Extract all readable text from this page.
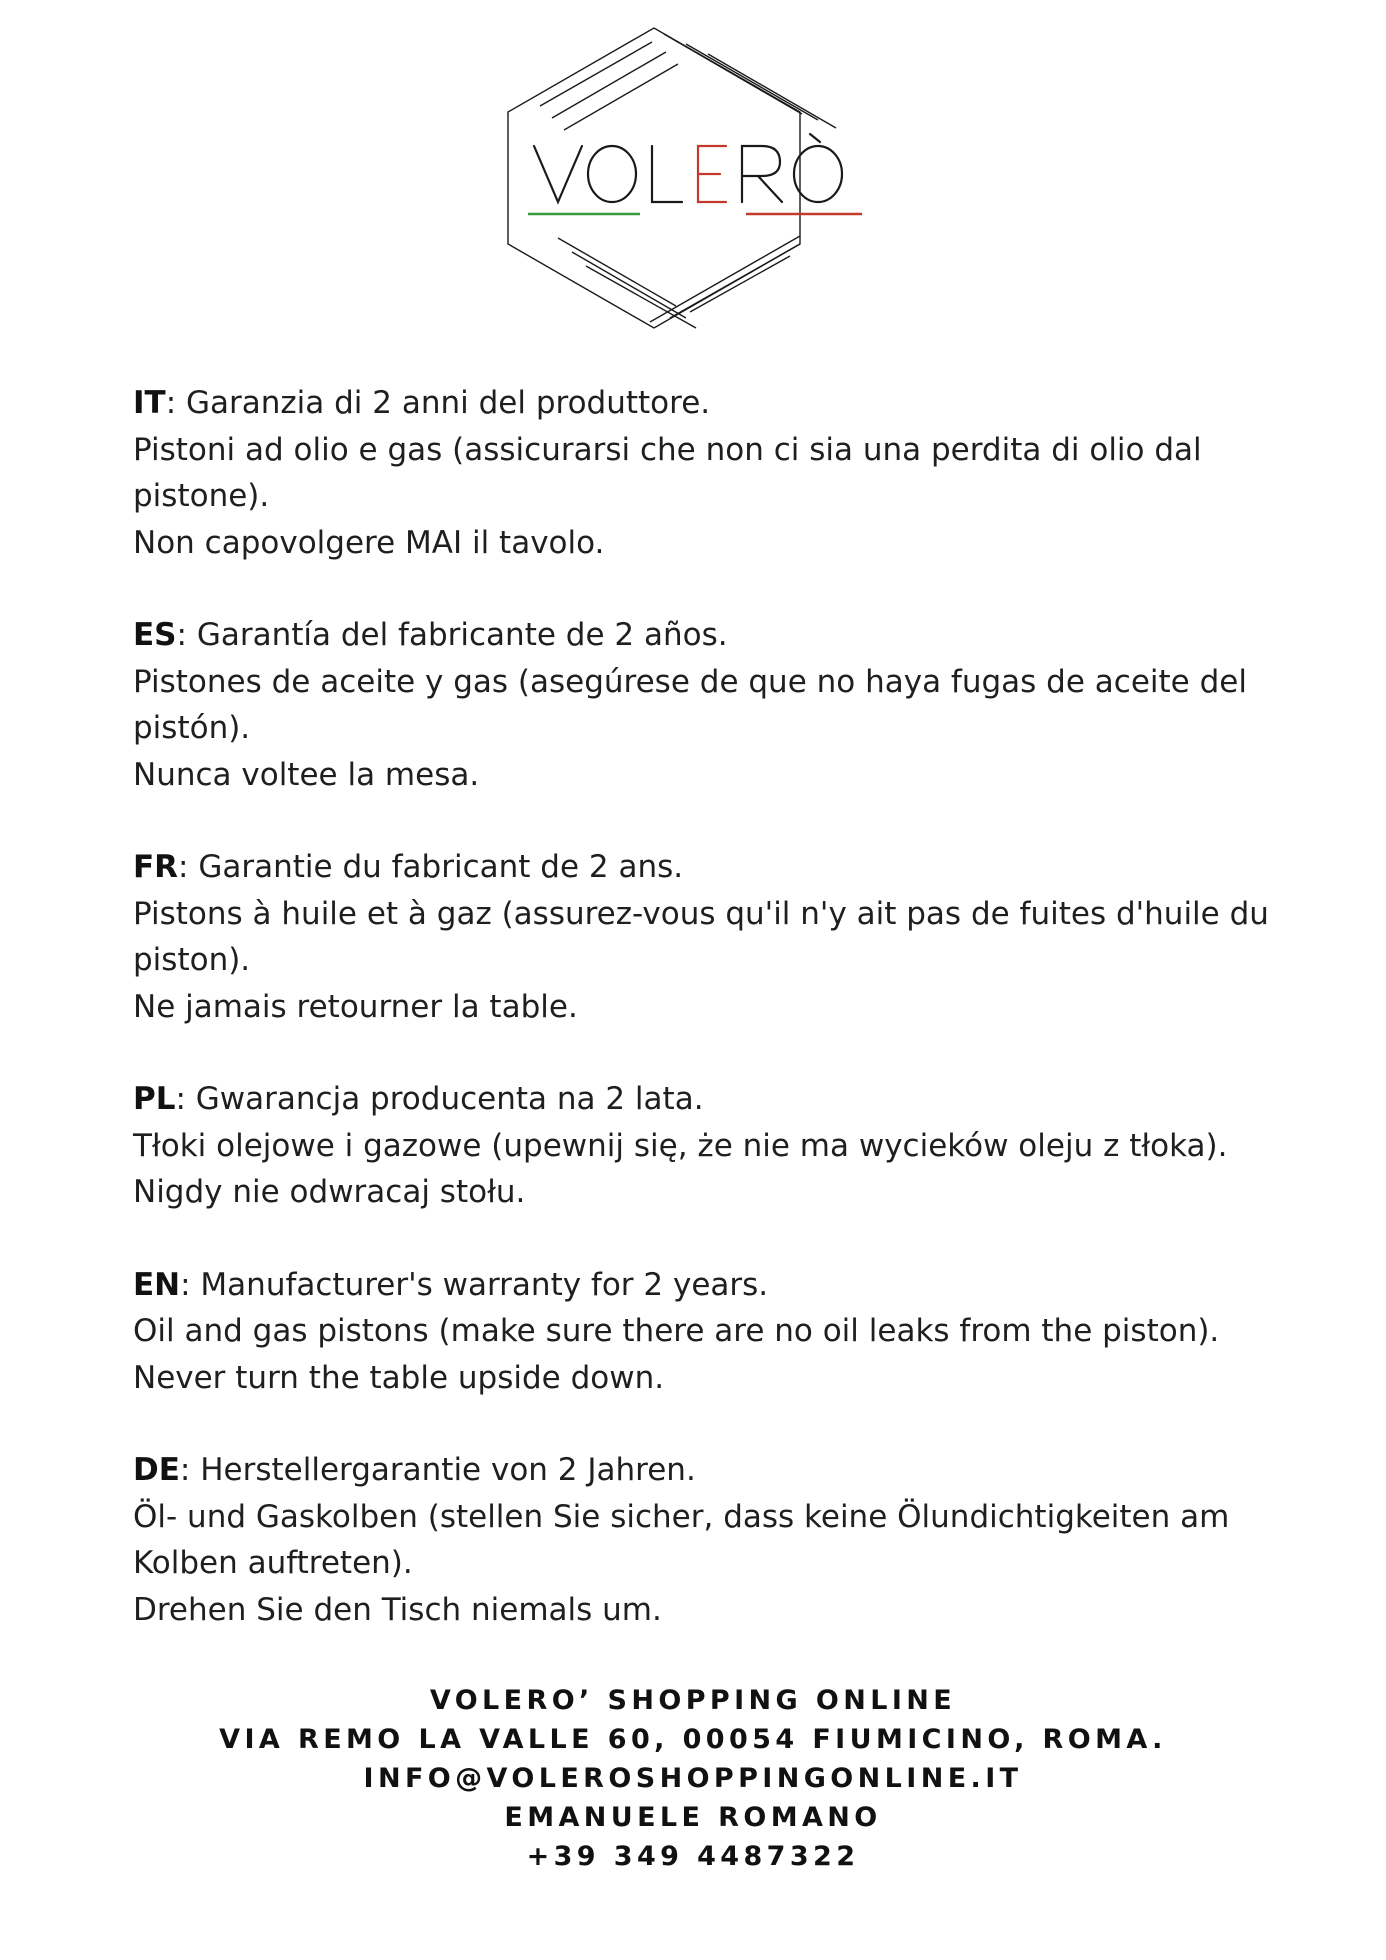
IT: Garanzia di 2 anni del produttore.

Pistoni ad olio e gas (assicurarsi che non ci sia una perdita di olio dal

pistone).

Non capovolgere MAI il tavolo.

ES: Garantía del fabricante de 2 años.

Pistones de aceite y gas (asegúrese de que no haya fugas de aceite del

pistón).

Nunca voltee la mesa.

FR: Garantie du fabricant de 2 ans.

Pistons à huile et à gaz (assurez-vous qu'il n'y ait pas de fuites d'huile du

piston).

Ne jamais retourner la table.

PL: Gwarancja producenta na 2 lata.

Tłoki olejowe i gazowe (upewnij się, że nie ma wycieków oleju z tłoka).

Nigdy nie odwracaj stołu.

EN: Manufacturer's warranty for 2 years.

Oil and gas pistons (make sure there are no oil leaks from the piston).

Never turn the table upside down.

DE: Herstellergarantie von 2 Jahren.

Öl- und Gaskolben (stellen Sie sicher, dass keine Ölundichtigkeiten am

Kolben auftreten).

Drehen Sie den Tisch niemals um.

VOLERO’ SHOPPING ONLINE

VIA REMO LA VALLE 60, 00054 FIUMICINO, ROMA.

INFO@VOLEROSHOPPINGONLINE.IT

EMANUELE ROMANO

+39 349 4487322
